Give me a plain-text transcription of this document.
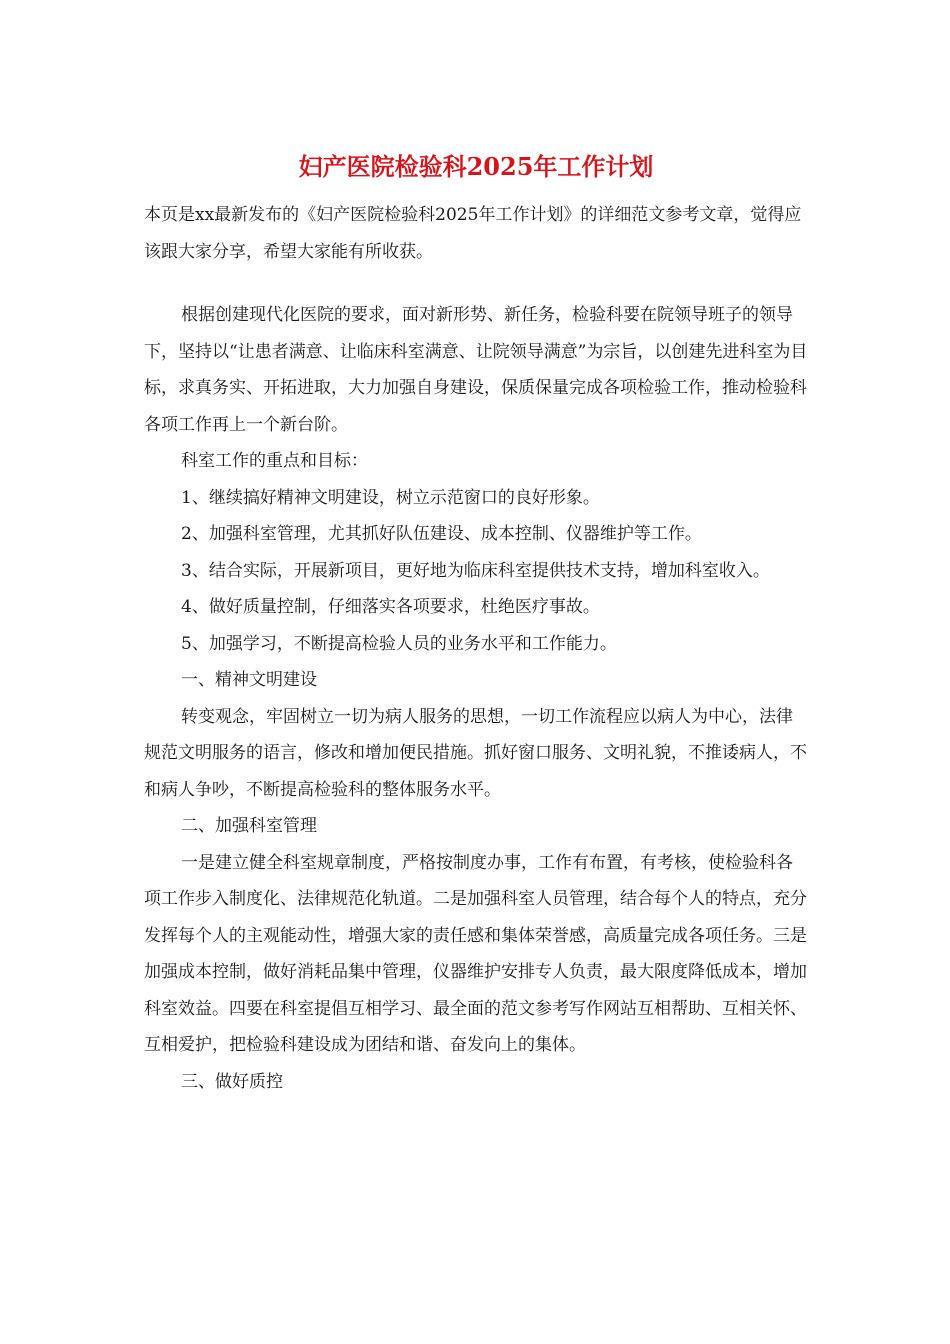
妇产医院检验科2025年工作计划

本页是xx最新发布的《妇产医院检验科2025年工作计划》的详细范文参考文章，觉得应该跟大家分享，希望大家能有所收获。

根据创建现代化医院的要求，面对新形势、新任务，检验科要在院领导班子的领导下，坚持以“让患者满意、让临床科室满意、让院领导满意”为宗旨，以创建先进科室为目标，求真务实、开拓进取，大力加强自身建设，保质保量完成各项检验工作，推动检验科各项工作再上一个新台阶。

科室工作的重点和目标：

1、继续搞好精神文明建设，树立示范窗口的良好形象。

2、加强科室管理，尤其抓好队伍建设、成本控制、仪器维护等工作。

3、结合实际，开展新项目，更好地为临床科室提供技术支持，增加科室收入。

4、做好质量控制，仔细落实各项要求，杜绝医疗事故。

5、加强学习，不断提高检验人员的业务水平和工作能力。

一、精神文明建设

转变观念，牢固树立一切为病人服务的思想，一切工作流程应以病人为中心，法律规范文明服务的语言，修改和增加便民措施。抓好窗口服务、文明礼貌，不推诿病人，不和病人争吵，不断提高检验科的整体服务水平。

二、加强科室管理

一是建立健全科室规章制度，严格按制度办事，工作有布置，有考核，使检验科各项工作步入制度化、法律规范化轨道。二是加强科室人员管理，结合每个人的特点，充分发挥每个人的主观能动性，增强大家的责任感和集体荣誉感，高质量完成各项任务。三是加强成本控制，做好消耗品集中管理，仪器维护安排专人负责，最大限度降低成本，增加科室效益。四要在科室提倡互相学习、最全面的范文参考写作网站互相帮助、互相关怀、互相爱护，把检验科建设成为团结和谐、奋发向上的集体。

三、做好质控
